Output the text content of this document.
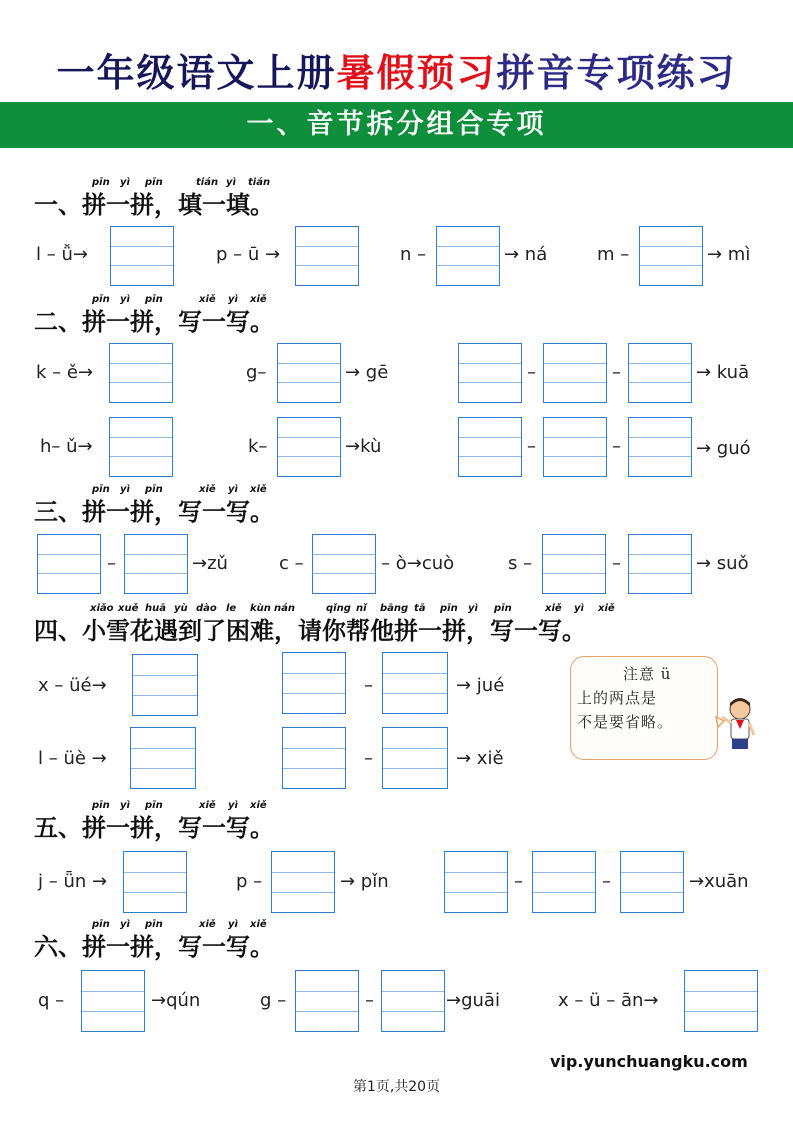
一年级语文上册暑假预习拼音专项练习
一、音节拆分组合专项
pīn yì pīn	tián yì tián
一、拼一拼，填一填。
l – ǚ→	p – ū →	n –	→ ná	m –	→ mì
pīn yì pīn	xiě yì xiě
二、拼一拼，写一写。
k – ě→	g–	→ gē	–	–	→ kuā
h– ǔ→	k–	→kù	–	–	→ guó
pīn yì pīn	xiě yì xiě
三、拼一拼，写一写。
–	→zǔ	c –	– ò→cuò	s –	–	→ suǒ
xiǎo xuě huā yù dào le kùn nán	qǐng nǐ bāng tā pīn yì pīn	xiě yì xiě
四、小雪花遇到了困难，请你帮他拼一拼，写一写。
x – üé→	–	→ jué
l – üè →	–	→ xiě
注意 ü
上的两点是
不是要省略。
pīn yì pīn	xiě yì xiě
五、拼一拼，写一写。
j – ǖn →	p –	→ pǐn	–	–	→xuān
pīn yì pīn	xiě yì xiě
六、拼一拼，写一写。
q –	→qún	g –	–	→guāi	x – ü – ān→
vip.yunchuangku.com
第1页,共20页
